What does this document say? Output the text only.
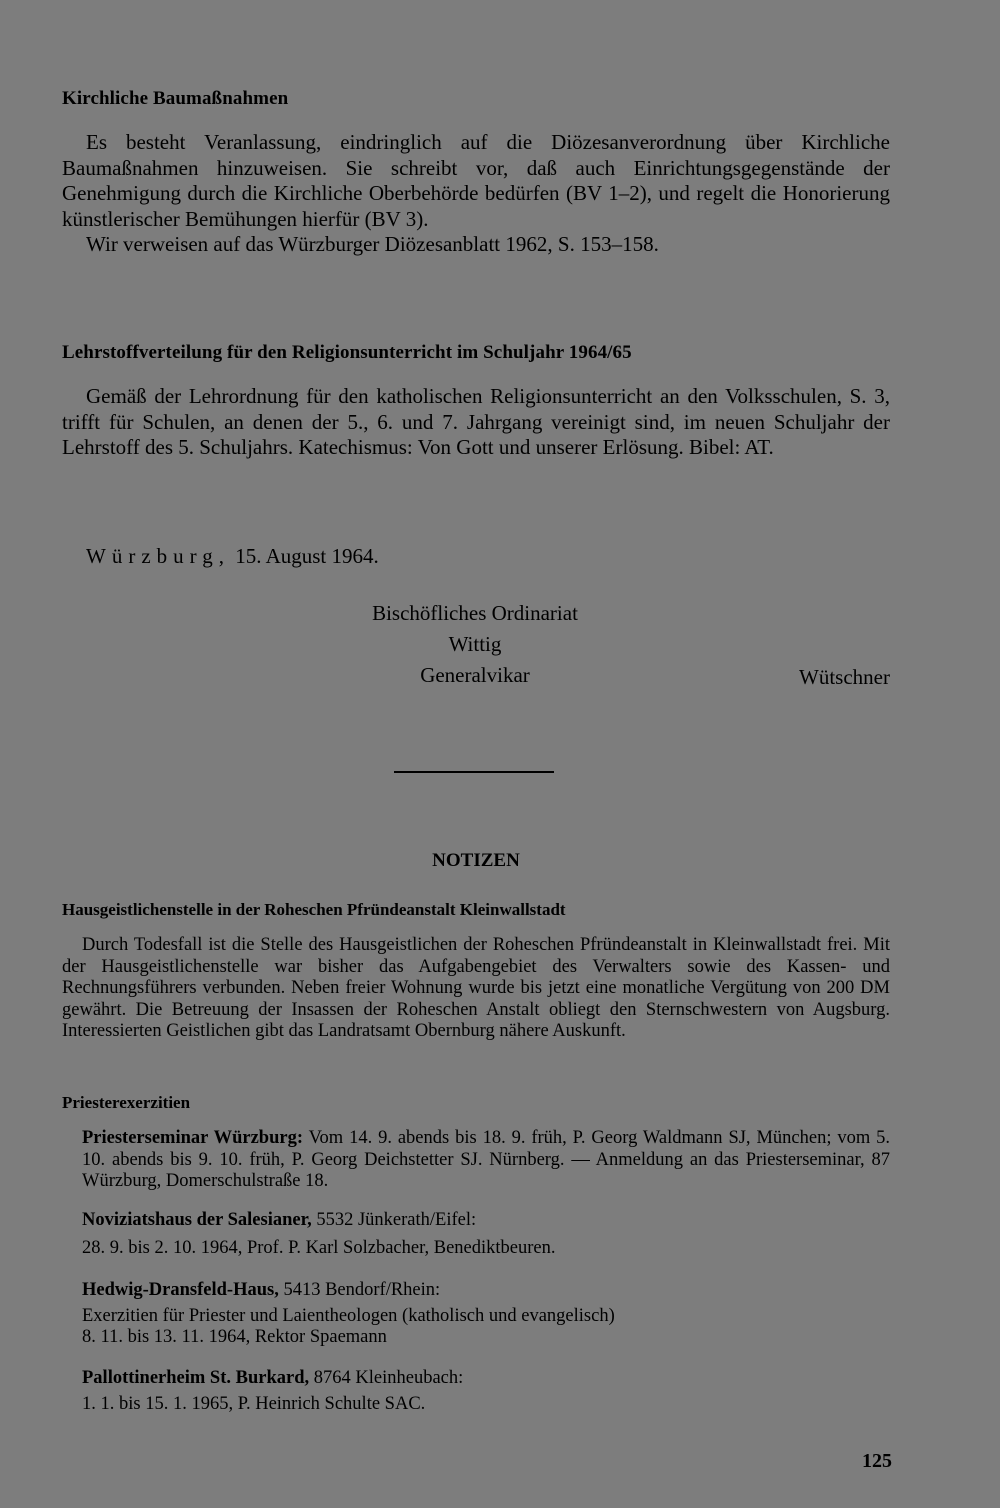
Kirchliche Baumaßnahmen

Es besteht Veranlassung, eindringlich auf die Diözesanverordnung über Kirchliche Baumaßnahmen hinzuweisen. Sie schreibt vor, daß auch Einrichtungsgegenstände der Genehmigung durch die Kirchliche Oberbehörde bedürfen (BV 1–2), und regelt die Honorierung künstlerischer Bemühungen hierfür (BV 3).

Wir verweisen auf das Würzburger Diözesanblatt 1962, S. 153–158.

Lehrstoffverteilung für den Religionsunterricht im Schuljahr 1964/65

Gemäß der Lehrordnung für den katholischen Religionsunterricht an den Volksschulen, S. 3, trifft für Schulen, an denen der 5., 6. und 7. Jahrgang vereinigt sind, im neuen Schuljahr der Lehrstoff des 5. Schuljahrs. Katechismus: Von Gott und unserer Erlösung. Bibel: AT.

Würzburg, 15. August 1964.
Bischöfliches Ordinariat
Wittig
Generalvikar	Wütschner
NOTIZEN
Hausgeistlichenstelle in der Roheschen Pfründeanstalt Kleinwallstadt

Durch Todesfall ist die Stelle des Hausgeistlichen der Roheschen Pfründeanstalt in Kleinwallstadt frei. Mit der Hausgeistlichenstelle war bisher das Aufgabengebiet des Verwalters sowie des Kassen- und Rechnungsführers verbunden. Neben freier Wohnung wurde bis jetzt eine monatliche Vergütung von 200 DM gewährt. Die Betreuung der Insassen der Roheschen Anstalt obliegt den Sternschwestern von Augsburg. Interessierten Geistlichen gibt das Landratsamt Obernburg nähere Auskunft.

Priesterexerzitien
Priesterseminar Würzburg: Vom 14. 9. abends bis 18. 9. früh, P. Georg Waldmann SJ, München; vom 5. 10. abends bis 9. 10. früh, P. Georg Deichstetter SJ. Nürnberg. — Anmeldung an das Priesterseminar, 87 Würzburg, Domerschulstraße 18.
Noviziatshaus der Salesianer, 5532 Jünkerath/Eifel:
28. 9. bis 2. 10. 1964, Prof. P. Karl Solzbacher, Benediktbeuren.
Hedwig-Dransfeld-Haus, 5413 Bendorf/Rhein:
Exerzitien für Priester und Laientheologen (katholisch und evangelisch)
8. 11. bis 13. 11. 1964, Rektor Spaemann
Pallottinerheim St. Burkard, 8764 Kleinheubach:
1. 1. bis 15. 1. 1965, P. Heinrich Schulte SAC.
125
